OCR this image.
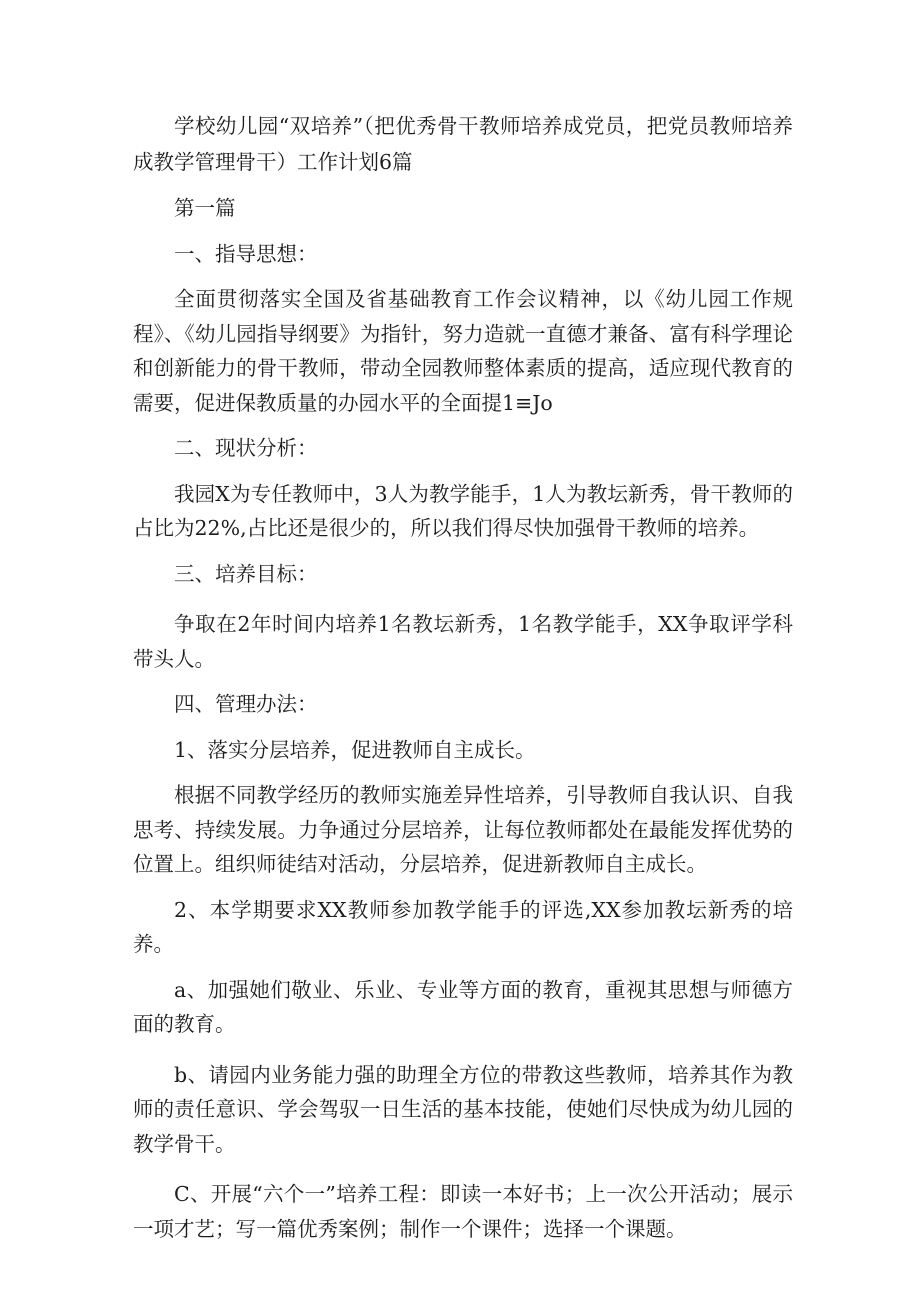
学校幼儿园“双培养”（把优秀骨干教师培养成党员，把党员教师培养成教学管理骨干）工作计划6篇

第一篇

一、指导思想：

全面贯彻落实全国及省基础教育工作会议精神，以《幼儿园工作规程》、《幼儿园指导纲要》为指针，努力造就一直德才兼备、富有科学理论和创新能力的骨干教师，带动全园教师整体素质的提高，适应现代教育的需要，促进保教质量的办园水平的全面提1≡Jo

二、现状分析：

我园X为专任教师中，3人为教学能手，1人为教坛新秀，骨干教师的占比为22%,占比还是很少的，所以我们得尽快加强骨干教师的培养。

三、培养目标：

争取在2年时间内培养1名教坛新秀，1名教学能手，XX争取评学科带头人。

四、管理办法：

1、落实分层培养，促进教师自主成长。

根据不同教学经历的教师实施差异性培养，引导教师自我认识、自我思考、持续发展。力争通过分层培养，让每位教师都处在最能发挥优势的位置上。组织师徒结对活动，分层培养，促进新教师自主成长。

2、本学期要求XX教师参加教学能手的评选,XX参加教坛新秀的培养。

a、加强她们敬业、乐业、专业等方面的教育，重视其思想与师德方面的教育。

b、请园内业务能力强的助理全方位的带教这些教师，培养其作为教师的责任意识、学会驾驭一日生活的基本技能，使她们尽快成为幼儿园的教学骨干。

C、开展“六个一”培养工程：即读一本好书；上一次公开活动；展示一项才艺；写一篇优秀案例；制作一个课件；选择一个课题。
